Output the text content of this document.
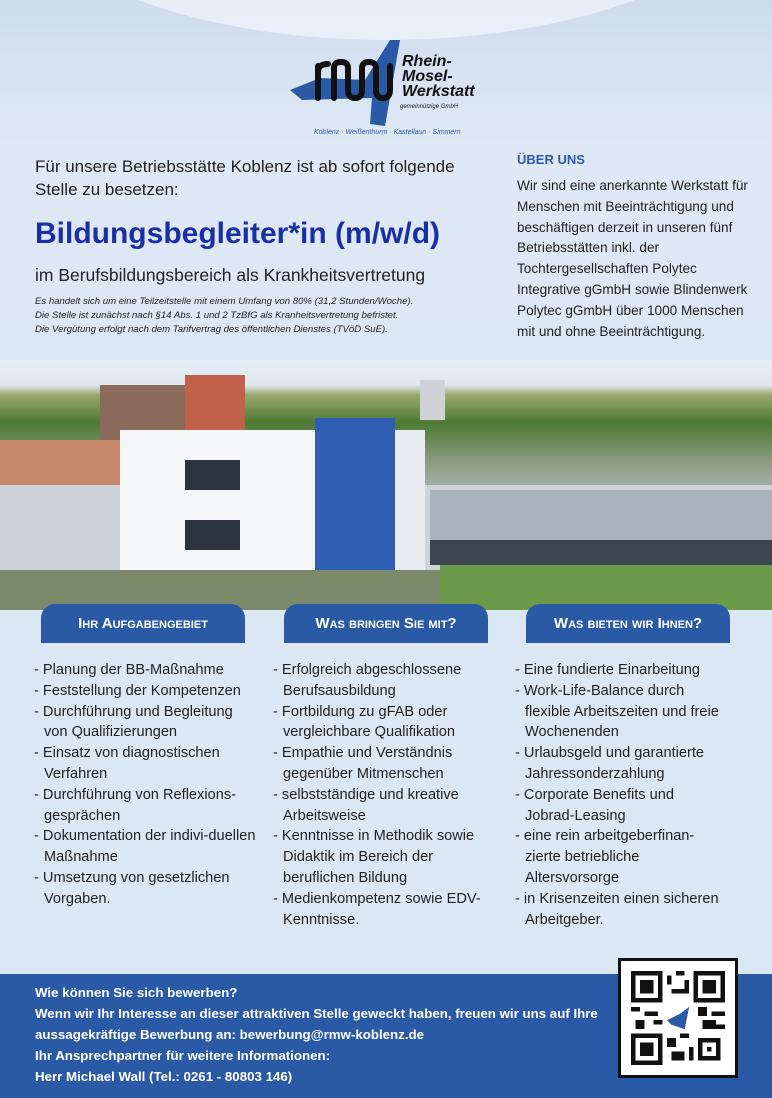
Rhein-
Mosel-
Werkstatt
gemeinnützige GmbH
Koblenz · Weißenthurm · Kastellaun · Simmern
Für unsere Betriebsstätte Koblenz ist ab sofort folgende Stelle zu besetzen:
Bildungsbegleiter*in (m/w/d)
im Berufsbildungsbereich als Krankheitsvertretung
Es handelt sich um eine Teilzeitstelle mit einem Umfang von 80% (31,2 Stunden/Woche).
Die Stelle ist zunächst nach §14 Abs. 1 und 2 TzBfG als Kranheitsvertretung befristet.
Die Vergütung erfolgt nach dem Tarifvertrag des öffentlichen Dienstes (TVöD SuE).
ÜBER UNS

Wir sind eine anerkannte Werkstatt für Menschen mit Beeinträchtigung und beschäftigen derzeit in unseren fünf Betriebsstätten inkl. der Tochtergesellschaften Polytec Integrative gGmbH sowie Blindenwerk Polytec gGmbH über 1000 Menschen mit und ohne Beeinträchtigung.

Ihr Aufgabengebiet	Was bringen Sie mit?	Was bieten wir Ihnen?
- Planung der BB-Maßnahme
- Feststellung der Kompetenzen
- Durchführung und Begleitung von Qualifizierungen
- Einsatz von diagnostischen Verfahren
- Durchführung von Reflexions-gesprächen
- Dokumentation der indivi-duellen Maßnahme
- Umsetzung von gesetzlichen Vorgaben.
- Erfolgreich abgeschlossene Berufsausbildung
- Fortbildung zu gFAB oder vergleichbare Qualifikation
- Empathie und Verständnis gegenüber Mitmenschen
- selbstständige und kreative Arbeitsweise
- Kenntnisse in Methodik sowie Didaktik im Bereich der beruflichen Bildung
- Medienkompetenz sowie EDV-Kenntnisse.
- Eine fundierte Einarbeitung
- Work-Life-Balance durch flexible Arbeitszeiten und freie Wochenenden
- Urlaubsgeld und garantierte Jahressonderzahlung
- Corporate Benefits und Jobrad-Leasing
- eine rein arbeitgeberfinan-zierte betriebliche Altersvorsorge
- in Krisenzeiten einen sicheren Arbeitgeber.
Wie können Sie sich bewerben?
Wenn wir Ihr Interesse an dieser attraktiven Stelle geweckt haben, freuen wir uns auf Ihre
aussagekräftige Bewerbung an: bewerbung@rmw-koblenz.de
Ihr Ansprechpartner für weitere Informationen:
Herr Michael Wall (Tel.: 0261 - 80803 146)
